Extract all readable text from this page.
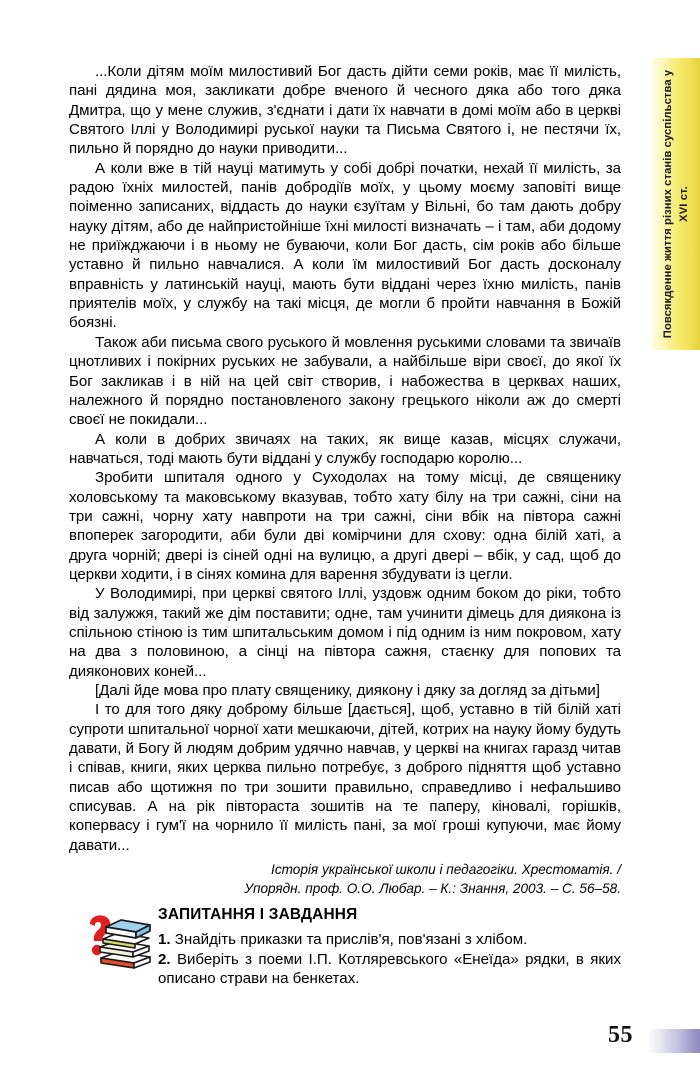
Повсякденне життя різних станів суспільства у XVI ст.

...Коли дітям моїм милостивий Бог дасть дійти семи років, має її милість, пані дядина моя, закликати добре вченого й чесного дяка або того дяка Дмитра, що у мене служив, з'єднати і дати їх навчати в домі моїм або в церкві Святого Іллі у Володимирі руської науки та Письма Святого і, не пестячи їх, пильно й порядно до науки приводити...

А коли вже в тій науці матимуть у собі добрі початки, нехай її милість, за радою їхніх милостей, панів добродіїв моїх, у цьому моєму заповіті вище поіменно записаних, віддасть до науки єзуїтам у Вільні, бо там дають добру науку дітям, або де найпристойніше їхні милості визначать – і там, аби додому не приїжджаючи і в ньому не буваючи, коли Бог дасть, сім років або більше уставно й пильно навчалися. А коли їм милостивий Бог дасть досконалу вправність у латинській науці, мають бути віддані через їхню милість, панів приятелів моїх, у службу на такі місця, де могли б пройти навчання в Божій боязні.

Також аби письма свого руського й мовлення руськими словами та звичаїв цнотливих і покірних руських не забували, а найбільше віри своєї, до якої їх Бог закликав і в ній на цей світ створив, і набожества в церквах наших, належного й порядно постановленого закону грецького ніколи аж до смерті своєї не покидали...

А коли в добрих звичаях на таких, як вище казав, місцях служачи, навчаться, тоді мають бути віддані у службу господарю королю...

Зробити шпиталя одного у Суходолах на тому місці, де священику холовському та маковському вказував, тобто хату білу на три сажні, сіни на три сажні, чорну хату навпроти на три сажні, сіни вбік на півтора сажні впоперек загородити, аби були дві комірчини для схову: одна білій хаті, а друга чорній; двері із сіней одні на вулицю, а другі двері – вбік, у сад, щоб до церкви ходити, і в сінях комина для варення збудувати із цегли.

У Володимирі, при церкві святого Іллі, уздовж одним боком до ріки, тобто від залужжя, такий же дім поставити; одне, там учинити дімець для диякона із спільною стіною із тим шпитальським домом і під одним із ним покровом, хату на два з половиною, а сінці на півтора сажня, стаєнку для попових та дияконових коней...

[Далі йде мова про плату священику, диякону і дяку за догляд за дітьми]

І то для того дяку доброму більше [дається], щоб, уставно в тій білій хаті супроти шпитальної чорної хати мешкаючи, дітей, котрих на науку йому будуть давати, й Богу й людям добрим удячно навчав, у церкві на книгах гаразд читав і співав, книги, яких церква пильно потребує, з доброго підняття щоб уставно писав або щотижня по три зошити правильно, справедливо і нефальшиво списував. А на рік півтораста зошитів на те паперу, кіновалі, горішків, копервасу і гум'ї на чорнило її милість пані, за мої гроші купуючи, має йому давати...

Історія української школи і педагогіки. Хрестоматія. /
Упорядн. проф. О.О. Любар. – К.: Знання, 2003. – С. 56–58.
ЗАПИТАННЯ І ЗАВДАННЯ

1. Знайдіть приказки та прислів'я, пов'язані з хлібом.

2. Виберіть з поеми І.П. Котляревського «Енеїда» рядки, в яких описано страви на бенкетах.

55
